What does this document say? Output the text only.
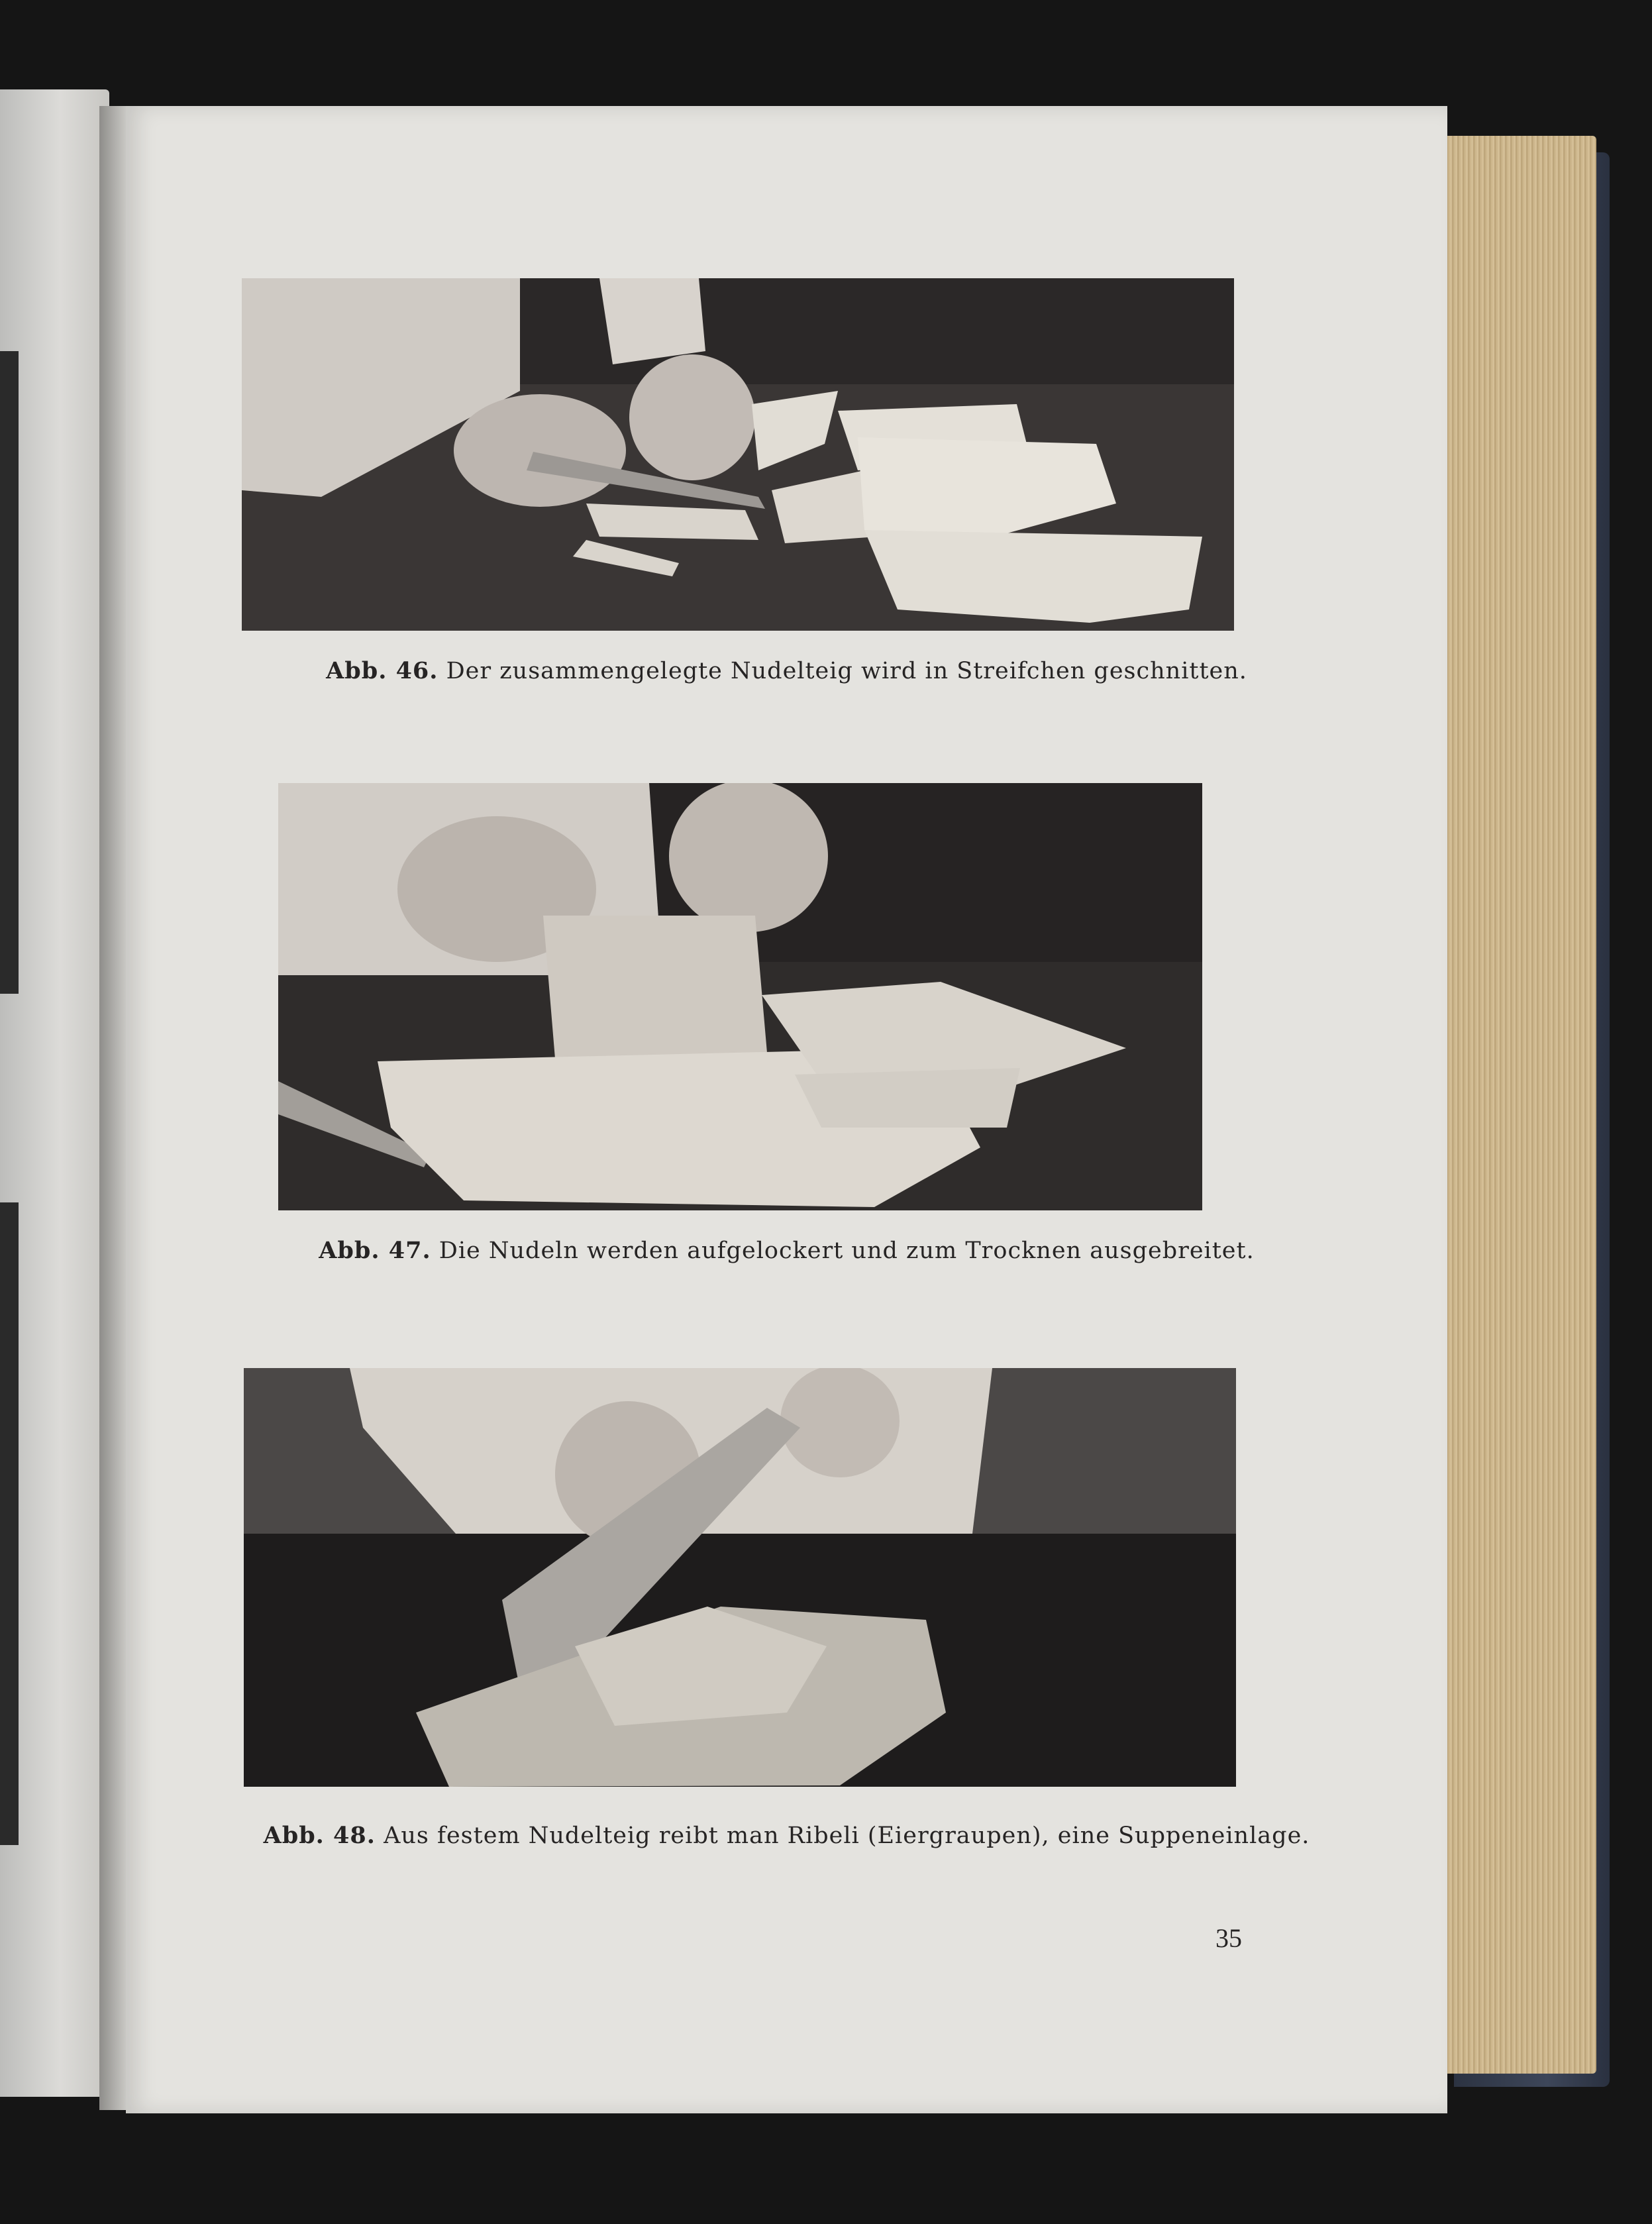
Abb. 46. Der zusammengelegte Nudelteig wird in Streifchen geschnitten.
Abb. 47. Die Nudeln werden aufgelockert und zum Trocknen ausgebreitet.
Abb. 48. Aus festem Nudelteig reibt man Ribeli (Eiergraupen), eine Suppeneinlage.
35
